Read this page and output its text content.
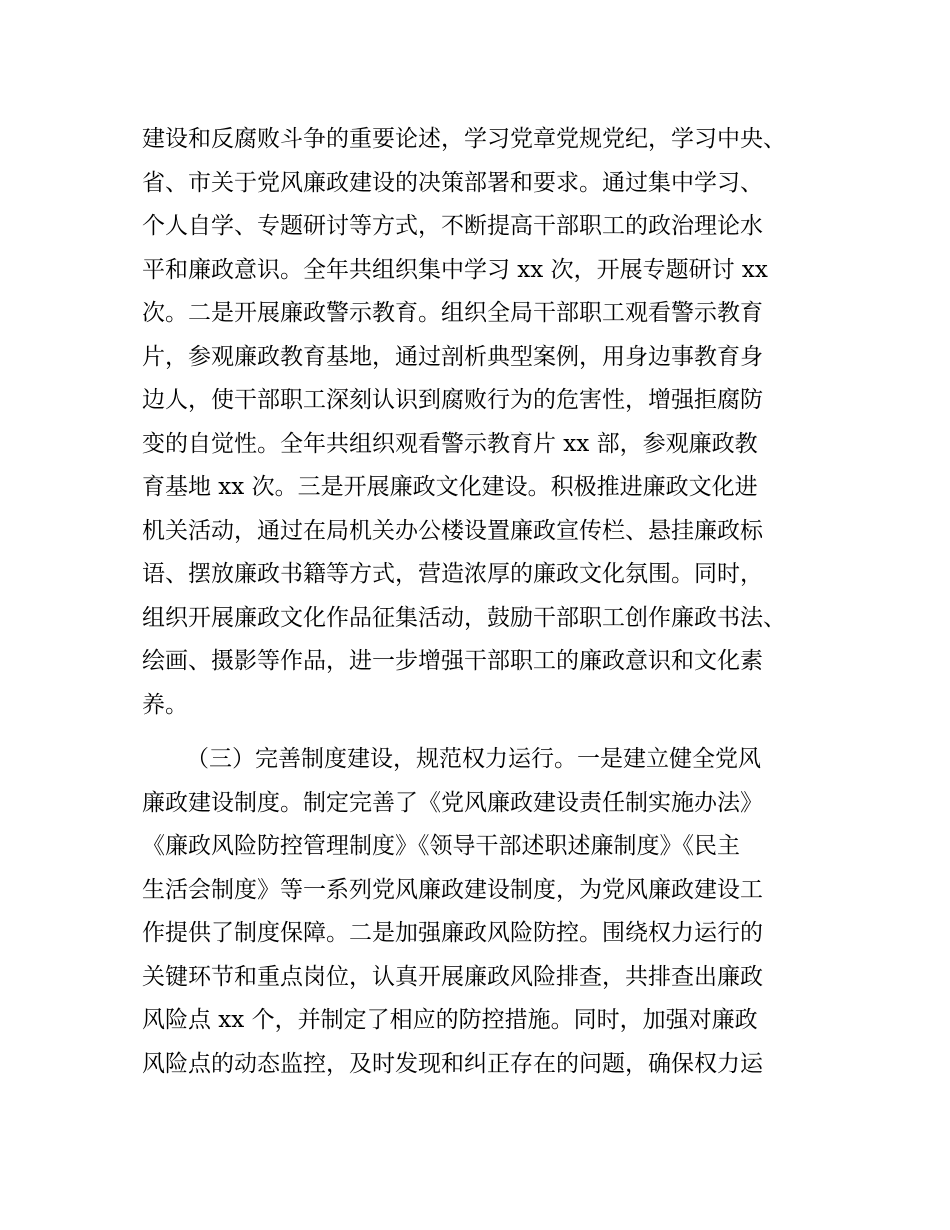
建设和反腐败斗争的重要论述，学习党章党规党纪，学习中央、
省、市关于党风廉政建设的决策部署和要求。通过集中学习、
个人自学、专题研讨等方式，不断提高干部职工的政治理论水
平和廉政意识。全年共组织集中学习 xx 次，开展专题研讨 xx
次。二是开展廉政警示教育。组织全局干部职工观看警示教育
片，参观廉政教育基地，通过剖析典型案例，用身边事教育身
边人，使干部职工深刻认识到腐败行为的危害性，增强拒腐防
变的自觉性。全年共组织观看警示教育片 xx 部，参观廉政教
育基地 xx 次。三是开展廉政文化建设。积极推进廉政文化进
机关活动，通过在局机关办公楼设置廉政宣传栏、悬挂廉政标
语、摆放廉政书籍等方式，营造浓厚的廉政文化氛围。同时，
组织开展廉政文化作品征集活动，鼓励干部职工创作廉政书法、
绘画、摄影等作品，进一步增强干部职工的廉政意识和文化素
养。
（三）完善制度建设，规范权力运行。一是建立健全党风
廉政建设制度。制定完善了《党风廉政建设责任制实施办法》
《廉政风险防控管理制度》《领导干部述职述廉制度》《民主
生活会制度》等一系列党风廉政建设制度，为党风廉政建设工
作提供了制度保障。二是加强廉政风险防控。围绕权力运行的
关键环节和重点岗位，认真开展廉政风险排查，共排查出廉政
风险点 xx 个，并制定了相应的防控措施。同时，加强对廉政
风险点的动态监控，及时发现和纠正存在的问题，确保权力运
